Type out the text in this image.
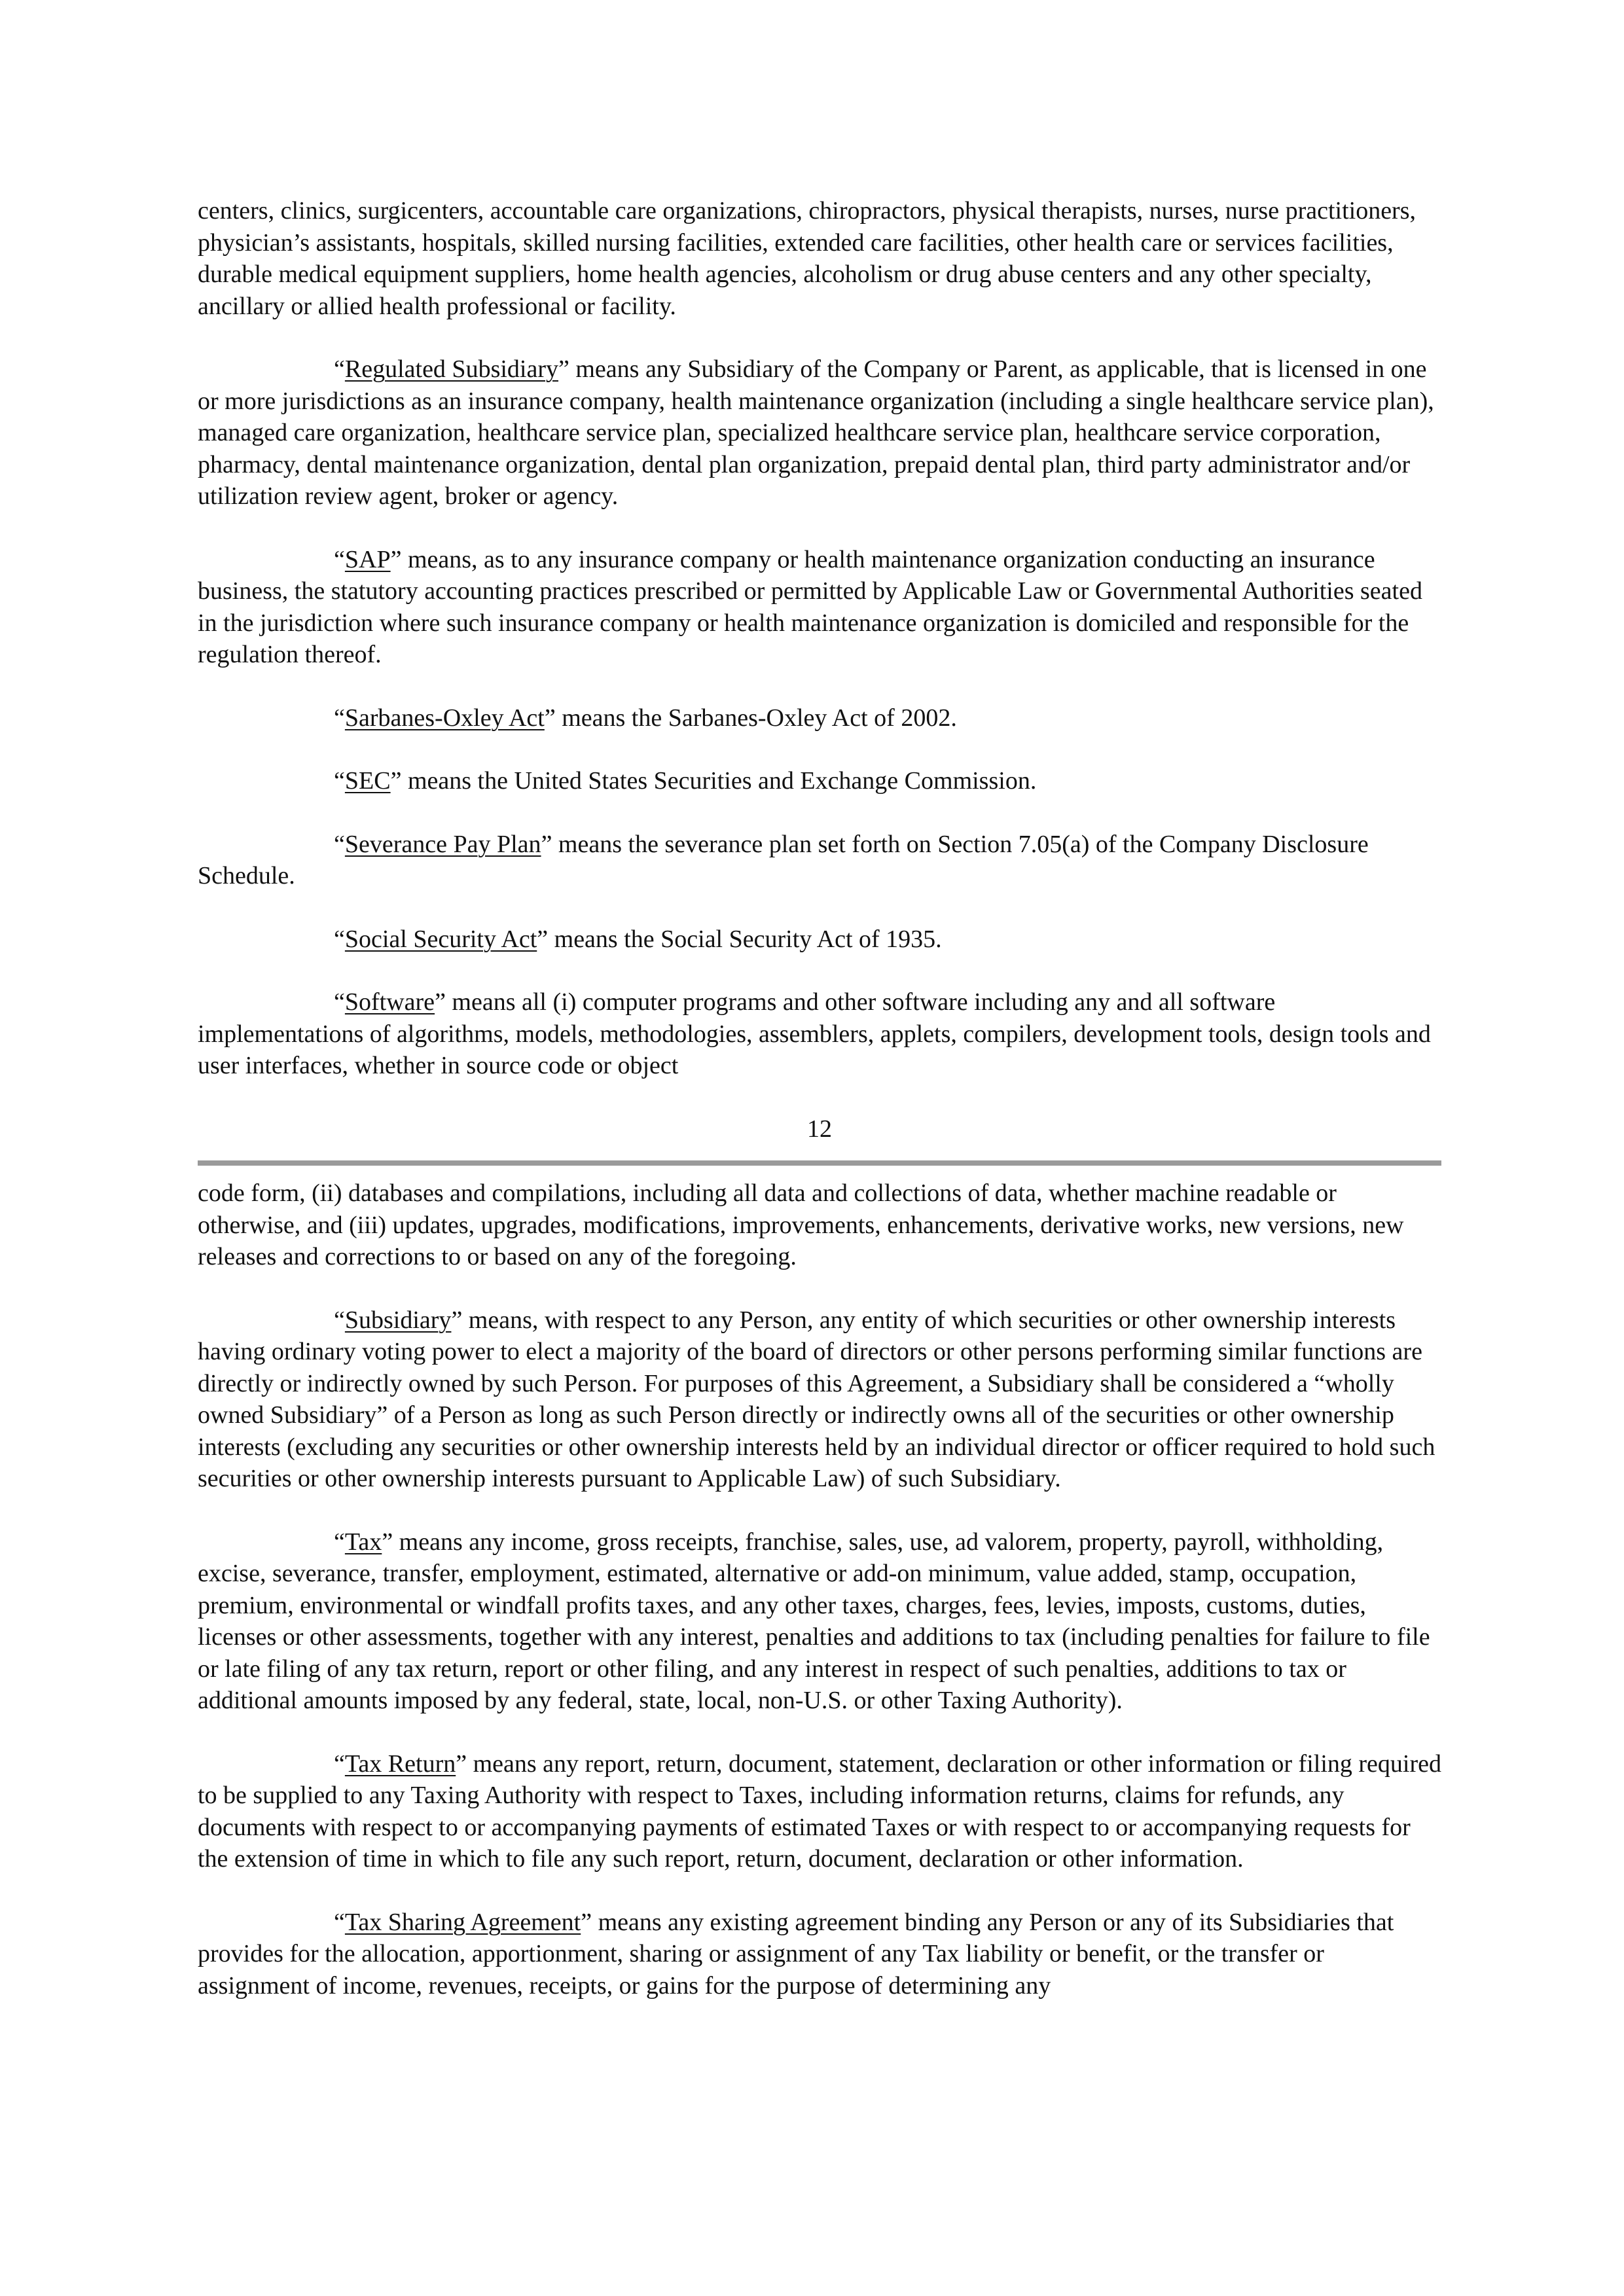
centers, clinics, surgicenters, accountable care organizations, chiropractors, physical therapists, nurses, nurse practitioners, physician’s assistants, hospitals, skilled nursing facilities, extended care facilities, other health care or services facilities, durable medical equipment suppliers, home health agencies, alcoholism or drug abuse centers and any other specialty, ancillary or allied health professional or facility.

“Regulated Subsidiary” means any Subsidiary of the Company or Parent, as applicable, that is licensed in one or more jurisdictions as an insurance company, health maintenance organization (including a single healthcare service plan), managed care organization, healthcare service plan, specialized healthcare service plan, healthcare service corporation, pharmacy, dental maintenance organization, dental plan organization, prepaid dental plan, third party administrator and/or utilization review agent, broker or agency.

“SAP” means, as to any insurance company or health maintenance organization conducting an insurance business, the statutory accounting practices prescribed or permitted by Applicable Law or Governmental Authorities seated in the jurisdiction where such insurance company or health maintenance organization is domiciled and responsible for the regulation thereof.

“Sarbanes-Oxley Act” means the Sarbanes-Oxley Act of 2002.

“SEC” means the United States Securities and Exchange Commission.

“Severance Pay Plan” means the severance plan set forth on Section 7.05(a) of the Company Disclosure Schedule.

“Social Security Act” means the Social Security Act of 1935.

“Software” means all (i) computer programs and other software including any and all software implementations of algorithms, models, methodologies, assemblers, applets, compilers, development tools, design tools and user interfaces, whether in source code or object

12

code form, (ii) databases and compilations, including all data and collections of data, whether machine readable or otherwise, and (iii) updates, upgrades, modifications, improvements, enhancements, derivative works, new versions, new releases and corrections to or based on any of the foregoing.

“Subsidiary” means, with respect to any Person, any entity of which securities or other ownership interests having ordinary voting power to elect a majority of the board of directors or other persons performing similar functions are directly or indirectly owned by such Person. For purposes of this Agreement, a Subsidiary shall be considered a “wholly owned Subsidiary” of a Person as long as such Person directly or indirectly owns all of the securities or other ownership interests (excluding any securities or other ownership interests held by an individual director or officer required to hold such securities or other ownership interests pursuant to Applicable Law) of such Subsidiary.

“Tax” means any income, gross receipts, franchise, sales, use, ad valorem, property, payroll, withholding, excise, severance, transfer, employment, estimated, alternative or add-on minimum, value added, stamp, occupation, premium, environmental or windfall profits taxes, and any other taxes, charges, fees, levies, imposts, customs, duties, licenses or other assessments, together with any interest, penalties and additions to tax (including penalties for failure to file or late filing of any tax return, report or other filing, and any interest in respect of such penalties, additions to tax or additional amounts imposed by any federal, state, local, non-U.S. or other Taxing Authority).

“Tax Return” means any report, return, document, statement, declaration or other information or filing required to be supplied to any Taxing Authority with respect to Taxes, including information returns, claims for refunds, any documents with respect to or accompanying payments of estimated Taxes or with respect to or accompanying requests for the extension of time in which to file any such report, return, document, declaration or other information.

“Tax Sharing Agreement” means any existing agreement binding any Person or any of its Subsidiaries that provides for the allocation, apportionment, sharing or assignment of any Tax liability or benefit, or the transfer or assignment of income, revenues, receipts, or gains for the purpose of determining any
